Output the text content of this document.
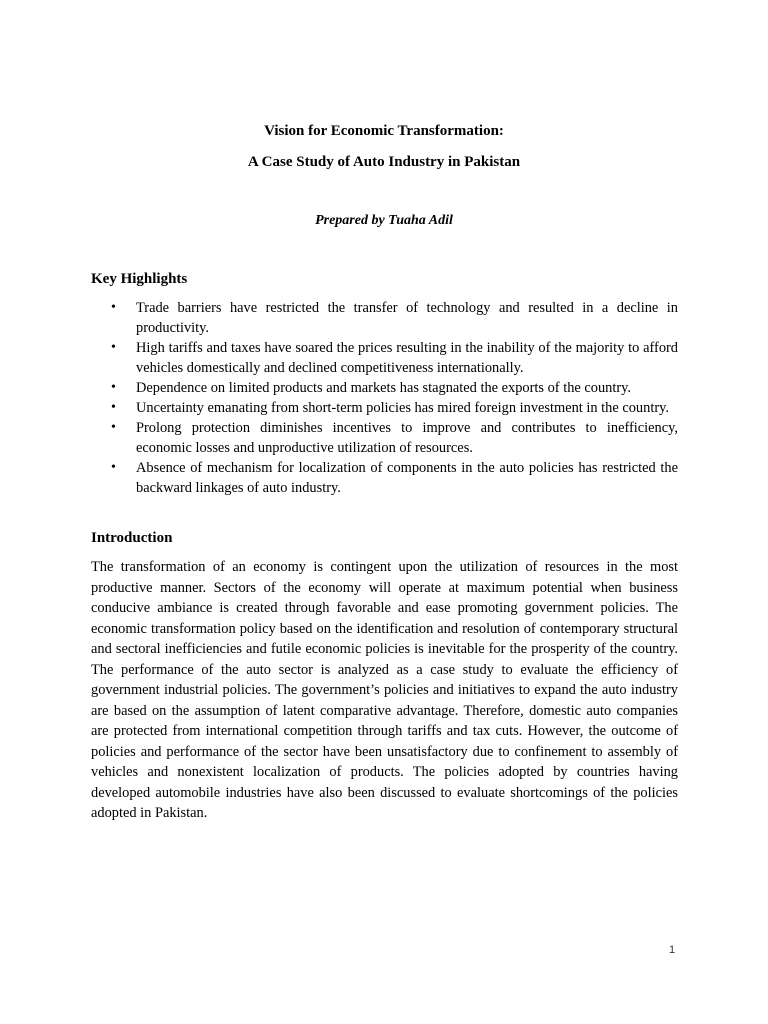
Vision for Economic Transformation:
A Case Study of Auto Industry in Pakistan
Prepared by Tuaha Adil
Key Highlights
• Trade barriers have restricted the transfer of technology and resulted in a decline in productivity.
• High tariffs and taxes have soared the prices resulting in the inability of the majority to afford vehicles domestically and declined competitiveness internationally.
• Dependence on limited products and markets has stagnated the exports of the country.
• Uncertainty emanating from short-term policies has mired foreign investment in the country.
• Prolong protection diminishes incentives to improve and contributes to inefficiency, economic losses and unproductive utilization of resources.
• Absence of mechanism for localization of components in the auto policies has restricted the backward linkages of auto industry.
Introduction

The transformation of an economy is contingent upon the utilization of resources in the most productive manner. Sectors of the economy will operate at maximum potential when business conducive ambiance is created through favorable and ease promoting government policies. The economic transformation policy based on the identification and resolution of contemporary structural and sectoral inefficiencies and futile economic policies is inevitable for the prosperity of the country. The performance of the auto sector is analyzed as a case study to evaluate the efficiency of government industrial policies. The government’s policies and initiatives to expand the auto industry are based on the assumption of latent comparative advantage. Therefore, domestic auto companies are protected from international competition through tariffs and tax cuts. However, the outcome of policies and performance of the sector have been unsatisfactory due to confinement to assembly of vehicles and nonexistent localization of products. The policies adopted by countries having developed automobile industries have also been discussed to evaluate shortcomings of the policies adopted in Pakistan.

1
